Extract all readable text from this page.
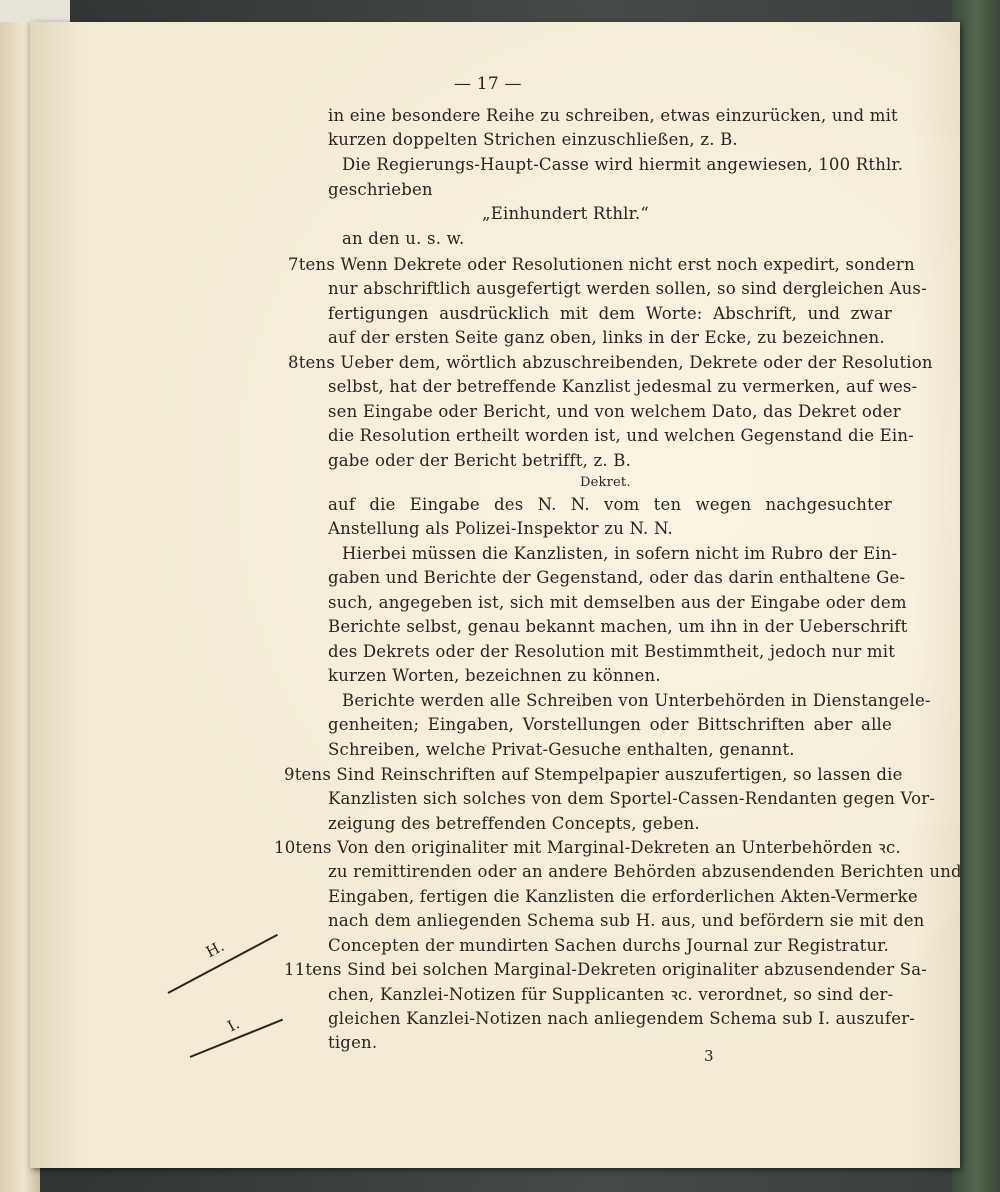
— 17 —
in eine besondere Reihe zu schreiben, etwas einzurücken, und mit
kurzen doppelten Strichen einzuschließen, z. B.
Die Regierungs-Haupt-Casse wird hiermit angewiesen, 100 Rthlr.
geschrieben
„Einhundert Rthlr.“
an den u. s. w.
7tens Wenn Dekrete oder Resolutionen nicht erst noch expedirt, sondern
nur abschriftlich ausgefertigt werden sollen, so sind dergleichen Aus-
fertigungen ausdrücklich mit dem Worte: Abschrift, und zwar
auf der ersten Seite ganz oben, links in der Ecke, zu bezeichnen.
8tens Ueber dem, wörtlich abzuschreibenden, Dekrete oder der Resolution
selbst, hat der betreffende Kanzlist jedesmal zu vermerken, auf wes-
sen Eingabe oder Bericht, und von welchem Dato, das Dekret oder
die Resolution ertheilt worden ist, und welchen Gegenstand die Ein-
gabe oder der Bericht betrifft, z. B.
Dekret.
auf die Eingabe des N. N. vom ten wegen nachgesuchter
Anstellung als Polizei-Inspektor zu N. N.
Hierbei müssen die Kanzlisten, in sofern nicht im Rubro der Ein-
gaben und Berichte der Gegenstand, oder das darin enthaltene Ge-
such, angegeben ist, sich mit demselben aus der Eingabe oder dem
Berichte selbst, genau bekannt machen, um ihn in der Ueberschrift
des Dekrets oder der Resolution mit Bestimmtheit, jedoch nur mit
kurzen Worten, bezeichnen zu können.
Berichte werden alle Schreiben von Unterbehörden in Dienstangele-
genheiten; Eingaben, Vorstellungen oder Bittschriften aber alle
Schreiben, welche Privat-Gesuche enthalten, genannt.
9tens Sind Reinschriften auf Stempelpapier auszufertigen, so lassen die
Kanzlisten sich solches von dem Sportel-Cassen-Rendanten gegen Vor-
zeigung des betreffenden Concepts, geben.
10tens Von den originaliter mit Marginal-Dekreten an Unterbehörden ꝛc.
zu remittirenden oder an andere Behörden abzusendenden Berichten und
Eingaben, fertigen die Kanzlisten die erforderlichen Akten-Vermerke
nach dem anliegenden Schema sub H. aus, und befördern sie mit den
Concepten der mundirten Sachen durchs Journal zur Registratur.
11tens Sind bei solchen Marginal-Dekreten originaliter abzusendender Sa-
chen, Kanzlei-Notizen für Supplicanten ꝛc. verordnet, so sind der-
gleichen Kanzlei-Notizen nach anliegendem Schema sub I. auszufer-
tigen.
3
H.
I.
